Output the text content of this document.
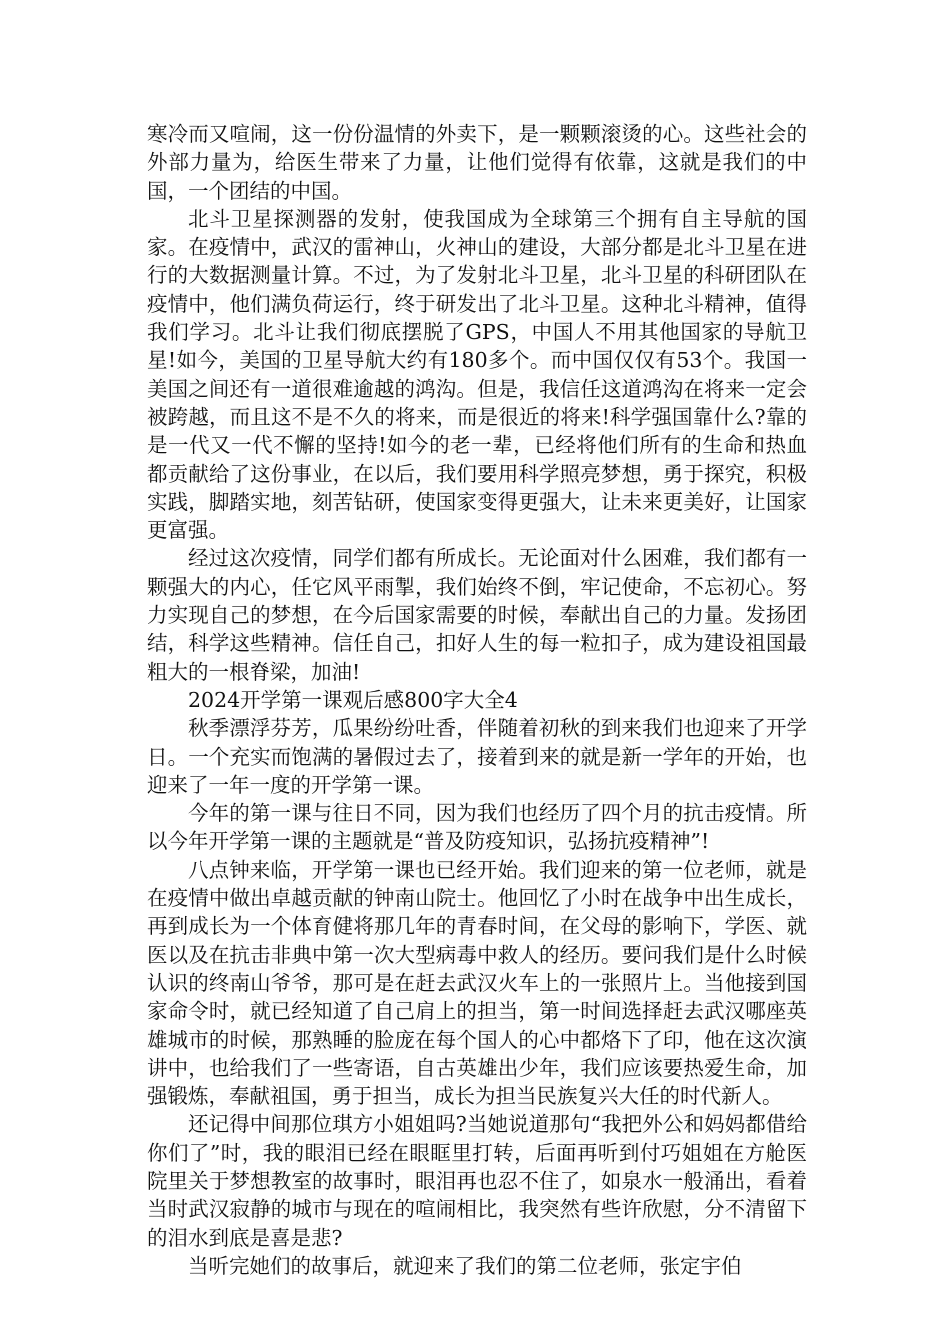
寒冷而又喧闹，这一份份温情的外卖下，是一颗颗滚烫的心。这些社会的外部力量为，给医生带来了力量，让他们觉得有依靠，这就是我们的中国，一个团结的中国。

北斗卫星探测器的发射，使我国成为全球第三个拥有自主导航的国家。在疫情中，武汉的雷神山，火神山的建设，大部分都是北斗卫星在进行的大数据测量计算。不过，为了发射北斗卫星，北斗卫星的科研团队在疫情中，他们满负荷运行，终于研发出了北斗卫星。这种北斗精神，值得我们学习。北斗让我们彻底摆脱了GPS，中国人不用其他国家的导航卫星!如今，美国的卫星导航大约有180多个。而中国仅仅有53个。我国一美国之间还有一道很难逾越的鸿沟。但是，我信任这道鸿沟在将来一定会被跨越，而且这不是不久的将来，而是很近的将来!科学强国靠什么?靠的是一代又一代不懈的坚持!如今的老一辈，已经将他们所有的生命和热血都贡献给了这份事业，在以后，我们要用科学照亮梦想，勇于探究，积极实践，脚踏实地，刻苦钻研，使国家变得更强大，让未来更美好，让国家更富强。

经过这次疫情，同学们都有所成长。无论面对什么困难，我们都有一颗强大的内心，任它风平雨掣，我们始终不倒，牢记使命，不忘初心。努力实现自己的梦想，在今后国家需要的时候，奉献出自己的力量。发扬团结，科学这些精神。信任自己，扣好人生的每一粒扣子，成为建设祖国最粗大的一根脊梁，加油!

2024开学第一课观后感800字大全4

秋季漂浮芬芳，瓜果纷纷吐香，伴随着初秋的到来我们也迎来了开学日。一个充实而饱满的暑假过去了，接着到来的就是新一学年的开始，也迎来了一年一度的开学第一课。

今年的第一课与往日不同，因为我们也经历了四个月的抗击疫情。所以今年开学第一课的主题就是“普及防疫知识，弘扬抗疫精神”!

八点钟来临，开学第一课也已经开始。我们迎来的第一位老师，就是在疫情中做出卓越贡献的钟南山院士。他回忆了小时在战争中出生成长，再到成长为一个体育健将那几年的青春时间，在父母的影响下，学医、就医以及在抗击非典中第一次大型病毒中救人的经历。要问我们是什么时候认识的终南山爷爷，那可是在赶去武汉火车上的一张照片上。当他接到国家命令时，就已经知道了自己肩上的担当，第一时间选择赶去武汉哪座英雄城市的时候，那熟睡的脸庞在每个国人的心中都烙下了印，他在这次演讲中，也给我们了一些寄语，自古英雄出少年，我们应该要热爱生命，加强锻炼，奉献祖国，勇于担当，成长为担当民族复兴大任的时代新人。

还记得中间那位琪方小姐姐吗?当她说道那句“我把外公和妈妈都借给你们了”时，我的眼泪已经在眼眶里打转，后面再听到付巧姐姐在方舱医院里关于梦想教室的故事时，眼泪再也忍不住了，如泉水一般涌出，看着当时武汉寂静的城市与现在的喧闹相比，我突然有些许欣慰，分不清留下的泪水到底是喜是悲?

当听完她们的故事后，就迎来了我们的第二位老师，张定宇伯
